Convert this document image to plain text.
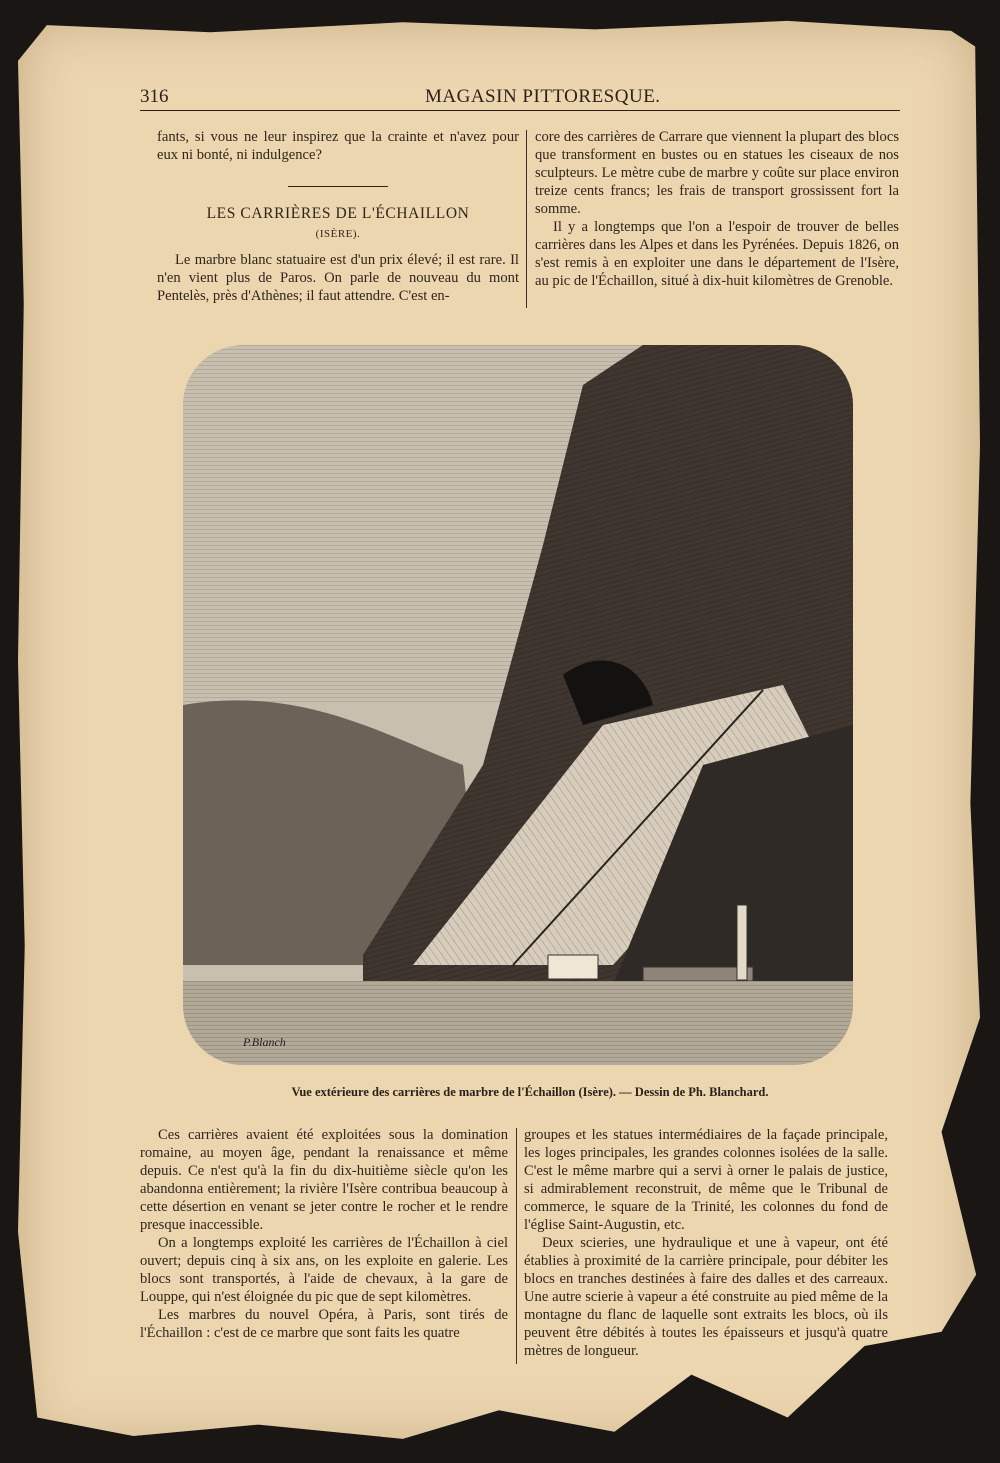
316	MAGASIN PITTORESQUE.

fants, si vous ne leur inspirez que la crainte et n'avez pour eux ni bonté, ni indulgence?

LES CARRIÈRES DE L'ÉCHAILLON
(ISÈRE).

Le marbre blanc statuaire est d'un prix élevé; il est rare. Il n'en vient plus de Paros. On parle de nouveau du mont Pentelès, près d'Athènes; il faut attendre. C'est en-

core des carrières de Carrare que viennent la plupart des blocs que transforment en bustes ou en statues les ciseaux de nos sculpteurs. Le mètre cube de marbre y coûte sur place environ treize cents francs; les frais de transport grossissent fort la somme.

Il y a longtemps que l'on a l'espoir de trouver de belles carrières dans les Alpes et dans les Pyrénées. Depuis 1826, on s'est remis à en exploiter une dans le département de l'Isère, au pic de l'Échaillon, situé à dix-huit kilomètres de Grenoble.

P.Blanch
Vue extérieure des carrières de marbre de l'Échaillon (Isère). — Dessin de Ph. Blanchard.

Ces carrières avaient été exploitées sous la domination romaine, au moyen âge, pendant la renaissance et même depuis. Ce n'est qu'à la fin du dix-huitième siècle qu'on les abandonna entièrement; la rivière l'Isère contribua beaucoup à cette désertion en venant se jeter contre le rocher et le rendre presque inaccessible.

On a longtemps exploité les carrières de l'Échaillon à ciel ouvert; depuis cinq à six ans, on les exploite en galerie. Les blocs sont transportés, à l'aide de chevaux, à la gare de Louppe, qui n'est éloignée du pic que de sept kilomètres.

Les marbres du nouvel Opéra, à Paris, sont tirés de l'Échaillon : c'est de ce marbre que sont faits les quatre

groupes et les statues intermédiaires de la façade principale, les loges principales, les grandes colonnes isolées de la salle. C'est le même marbre qui a servi à orner le palais de justice, si admirablement reconstruit, de même que le Tribunal de commerce, le square de la Trinité, les colonnes du fond de l'église Saint-Augustin, etc.

Deux scieries, une hydraulique et une à vapeur, ont été établies à proximité de la carrière principale, pour débiter les blocs en tranches destinées à faire des dalles et des carreaux. Une autre scierie à vapeur a été construite au pied même de la montagne du flanc de laquelle sont extraits les blocs, où ils peuvent être débités à toutes les épaisseurs et jusqu'à quatre mètres de longueur.
